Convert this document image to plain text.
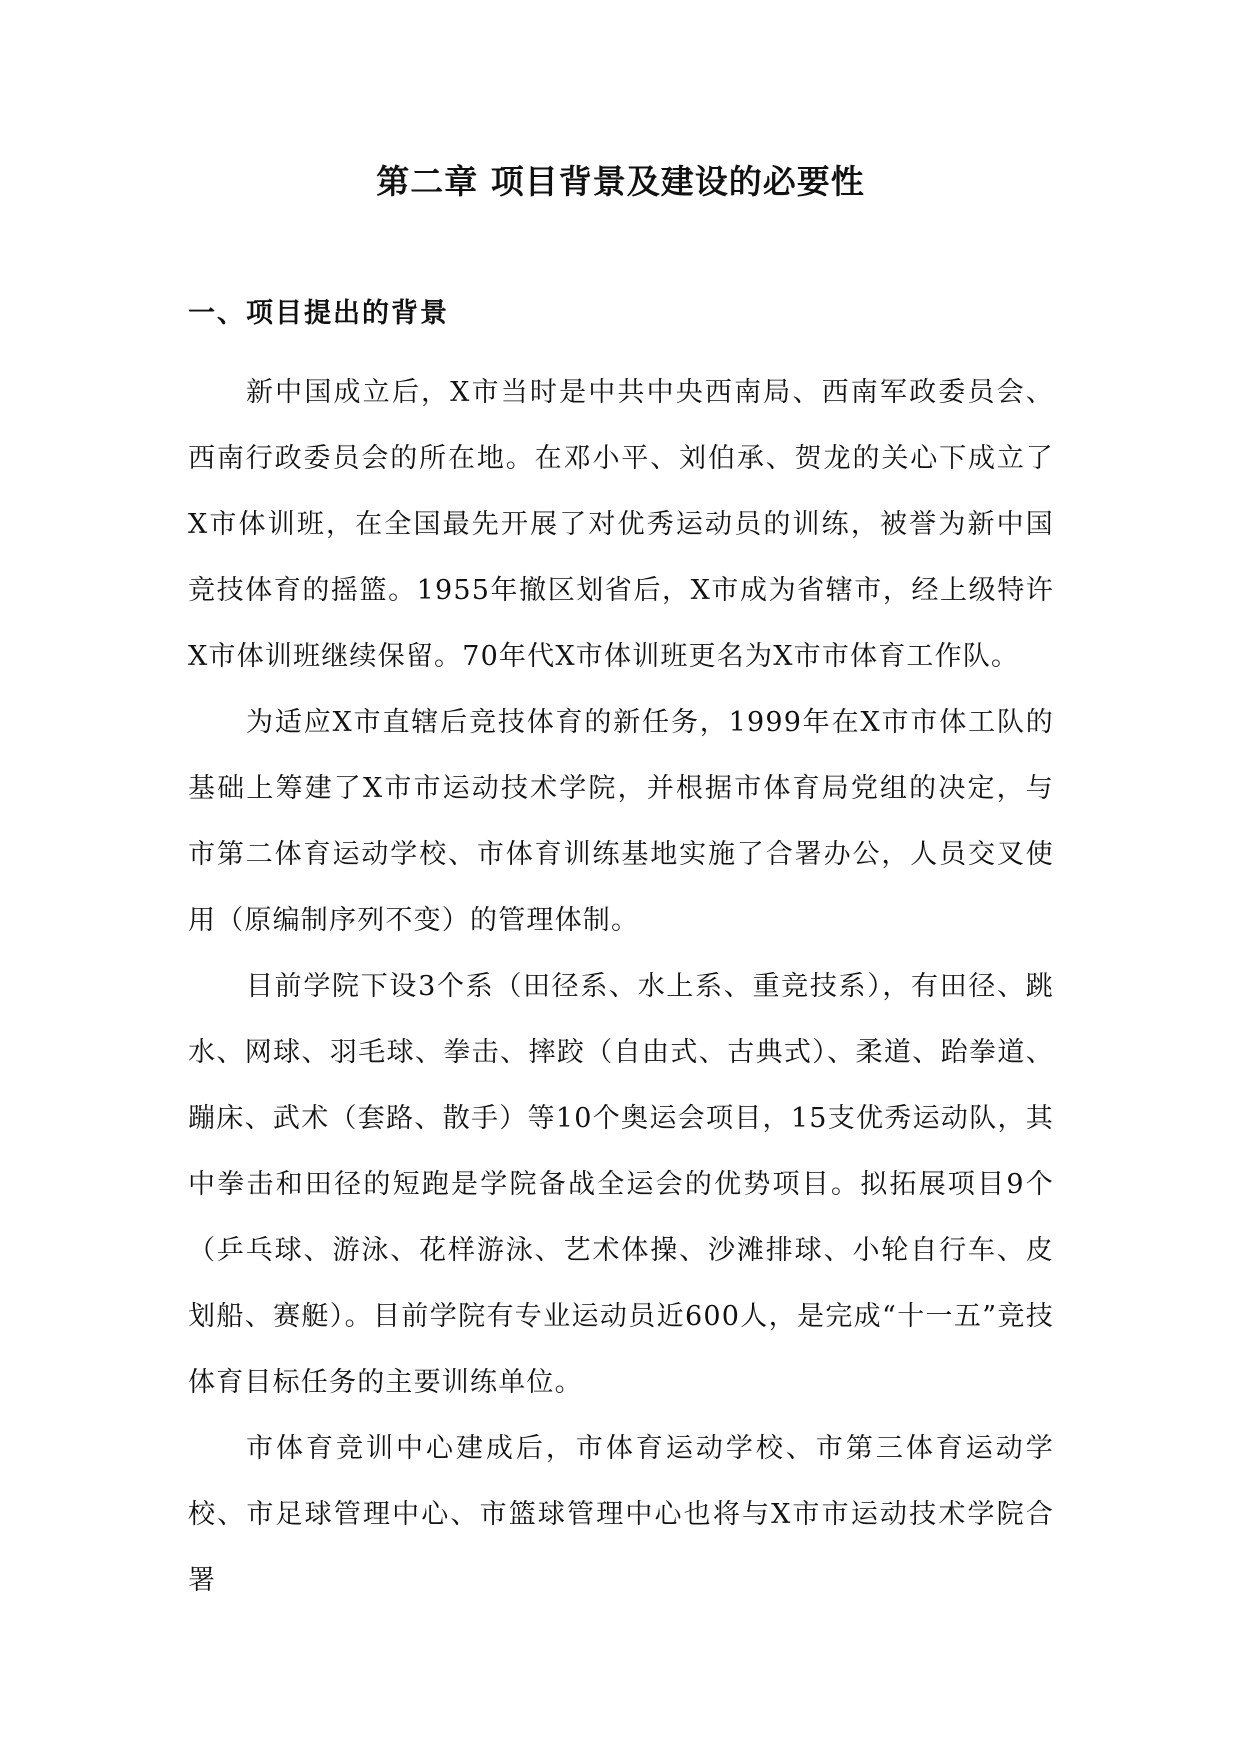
第二章 项目背景及建设的必要性
一、项目提出的背景

新中国成立后，X市当时是中共中央西南局、西南军政委员会、西南行政委员会的所在地。在邓小平、刘伯承、贺龙的关心下成立了X市体训班，在全国最先开展了对优秀运动员的训练，被誉为新中国竞技体育的摇篮。1955年撤区划省后，X市成为省辖市，经上级特许X市体训班继续保留。70年代X市体训班更名为X市市体育工作队。

为适应X市直辖后竞技体育的新任务，1999年在X市市体工队的基础上筹建了X市市运动技术学院，并根据市体育局党组的决定，与市第二体育运动学校、市体育训练基地实施了合署办公，人员交叉使用（原编制序列不变）的管理体制。

目前学院下设3个系（田径系、水上系、重竞技系），有田径、跳水、网球、羽毛球、拳击、摔跤（自由式、古典式）、柔道、跆拳道、蹦床、武术（套路、散手）等10个奥运会项目，15支优秀运动队，其中拳击和田径的短跑是学院备战全运会的优势项目。拟拓展项目9个（乒乓球、游泳、花样游泳、艺术体操、沙滩排球、小轮自行车、皮划船、赛艇）。目前学院有专业运动员近600人，是完成“十一五”竞技体育目标任务的主要训练单位。

市体育竞训中心建成后，市体育运动学校、市第三体育运动学校、市足球管理中心、市篮球管理中心也将与X市市运动技术学院合署
